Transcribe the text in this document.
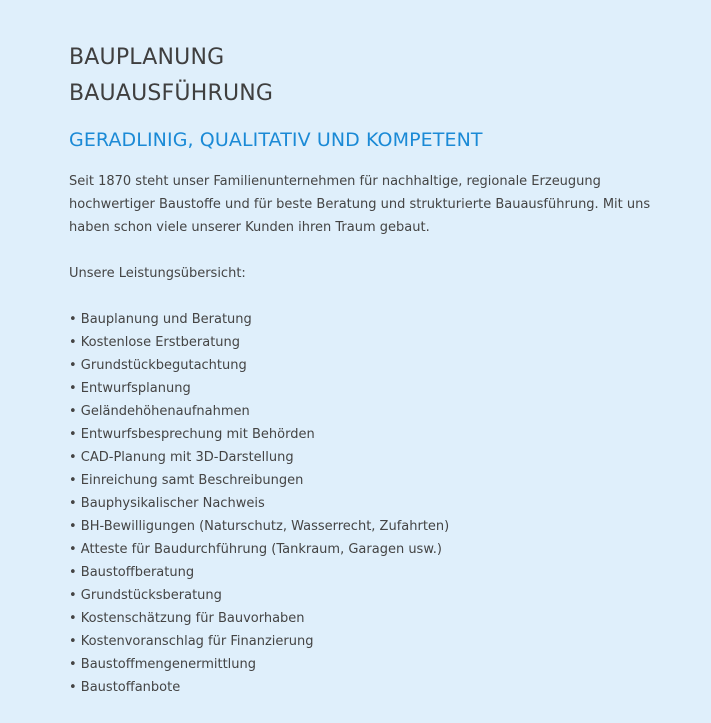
BAUPLANUNG
BAUAUSFÜHRUNG
GERADLINIG, QUALITATIV UND KOMPETENT

Seit 1870 steht unser Familienunternehmen für nachhaltige, regionale Erzeugung hochwertiger Baustoffe und für beste Beratung und strukturierte Bauausführung. Mit uns haben schon viele unserer Kunden ihren Traum gebaut.

Unsere Leistungsübersicht:

• Bauplanung und Beratung
• Kostenlose Erstberatung
• Grundstückbegutachtung
• Entwurfsplanung
• Geländehöhenaufnahmen
• Entwurfsbesprechung mit Behörden
• CAD-Planung mit 3D-Darstellung
• Einreichung samt Beschreibungen
• Bauphysikalischer Nachweis
• BH-Bewilligungen (Naturschutz, Wasserrecht, Zufahrten)
• Atteste für Baudurchführung (Tankraum, Garagen usw.)
• Baustoffberatung
• Grundstücksberatung
• Kostenschätzung für Bauvorhaben
• Kostenvoranschlag für Finanzierung
• Baustoffmengenermittlung
• Baustoffanbote
